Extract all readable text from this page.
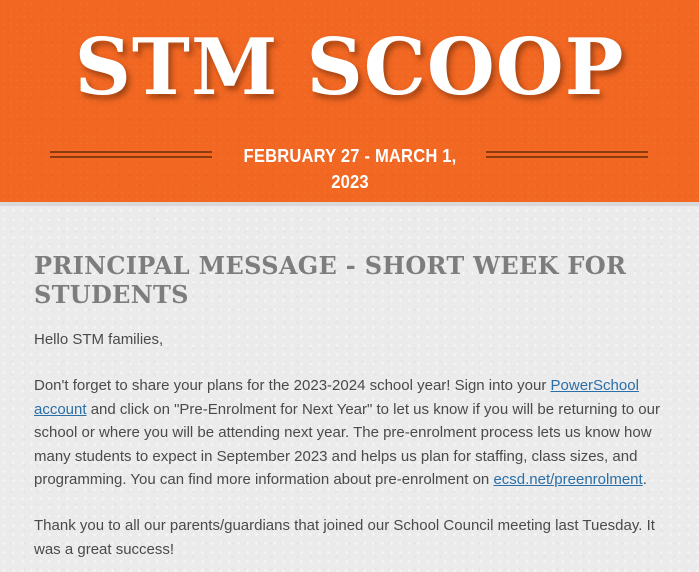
STM SCOOP
FEBRUARY 27 - MARCH 1, 2023
PRINCIPAL MESSAGE - SHORT WEEK FOR STUDENTS

Hello STM families,

Don't forget to share your plans for the 2023-2024 school year! Sign into your PowerSchool account and click on "Pre-Enrolment for Next Year" to let us know if you will be returning to our school or where you will be attending next year. The pre-enrolment process lets us know how many students to expect in September 2023 and helps us plan for staffing, class sizes, and programming. You can find more information about pre-enrolment on ecsd.net/preenrolment.

Thank you to all our parents/guardians that joined our School Council meeting last Tuesday. It was a great success!
